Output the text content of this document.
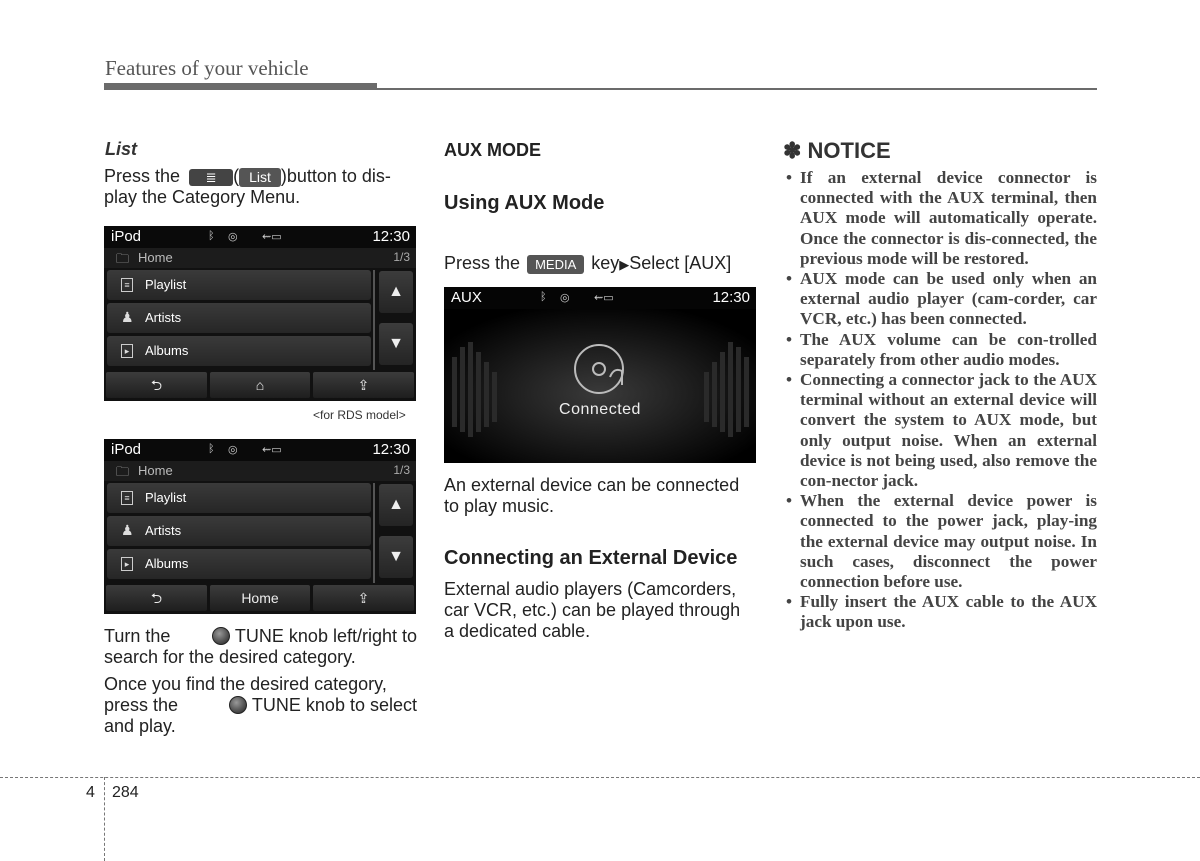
Features of your vehicle
List
Press the ≣ ( List )button to dis-
play the Category Menu.
iPod	ᛒ ◎ ⇜▭	12:30
🗀 Home	1/3
≡ Playlist
♟ Artists
▸ Albums
▲
▼
⮌	⌂	⇪
<for RDS model>
iPod	ᛒ ◎ ⇜▭	12:30
🗀 Home	1/3
≡ Playlist
♟ Artists
▸ Albums
▲
▼
⮌	Home	⇪
Turn the	TUNE knob left/right to
search for the desired category.
Once you find the desired category,
press the	TUNE knob to select
and play.
AUX MODE
Using AUX Mode
Press the MEDIA key▶Select [AUX]
AUX	ᛒ ◎ ⇜▭	12:30
Connected
An external device can be connected
to play music.
Connecting an External Device
External audio players (Camcorders,
car VCR, etc.) can be played through
a dedicated cable.
✽ NOTICE
• If an external device connector is connected with the AUX terminal, then AUX mode will automatically operate. Once the connector is dis-connected, the previous mode will be restored.
• AUX mode can be used only when an external audio player (cam-corder, car VCR, etc.) has been connected.
• The AUX volume can be con-trolled separately from other audio modes.
• Connecting a connector jack to the AUX terminal without an external device will convert the system to AUX mode, but only output noise. When an external device is not being used, also remove the con-nector jack.
• When the external device power is connected to the power jack, play-ing the external device may output noise. In such cases, disconnect the power connection before use.
• Fully insert the AUX cable to the AUX jack upon use.
4 284
